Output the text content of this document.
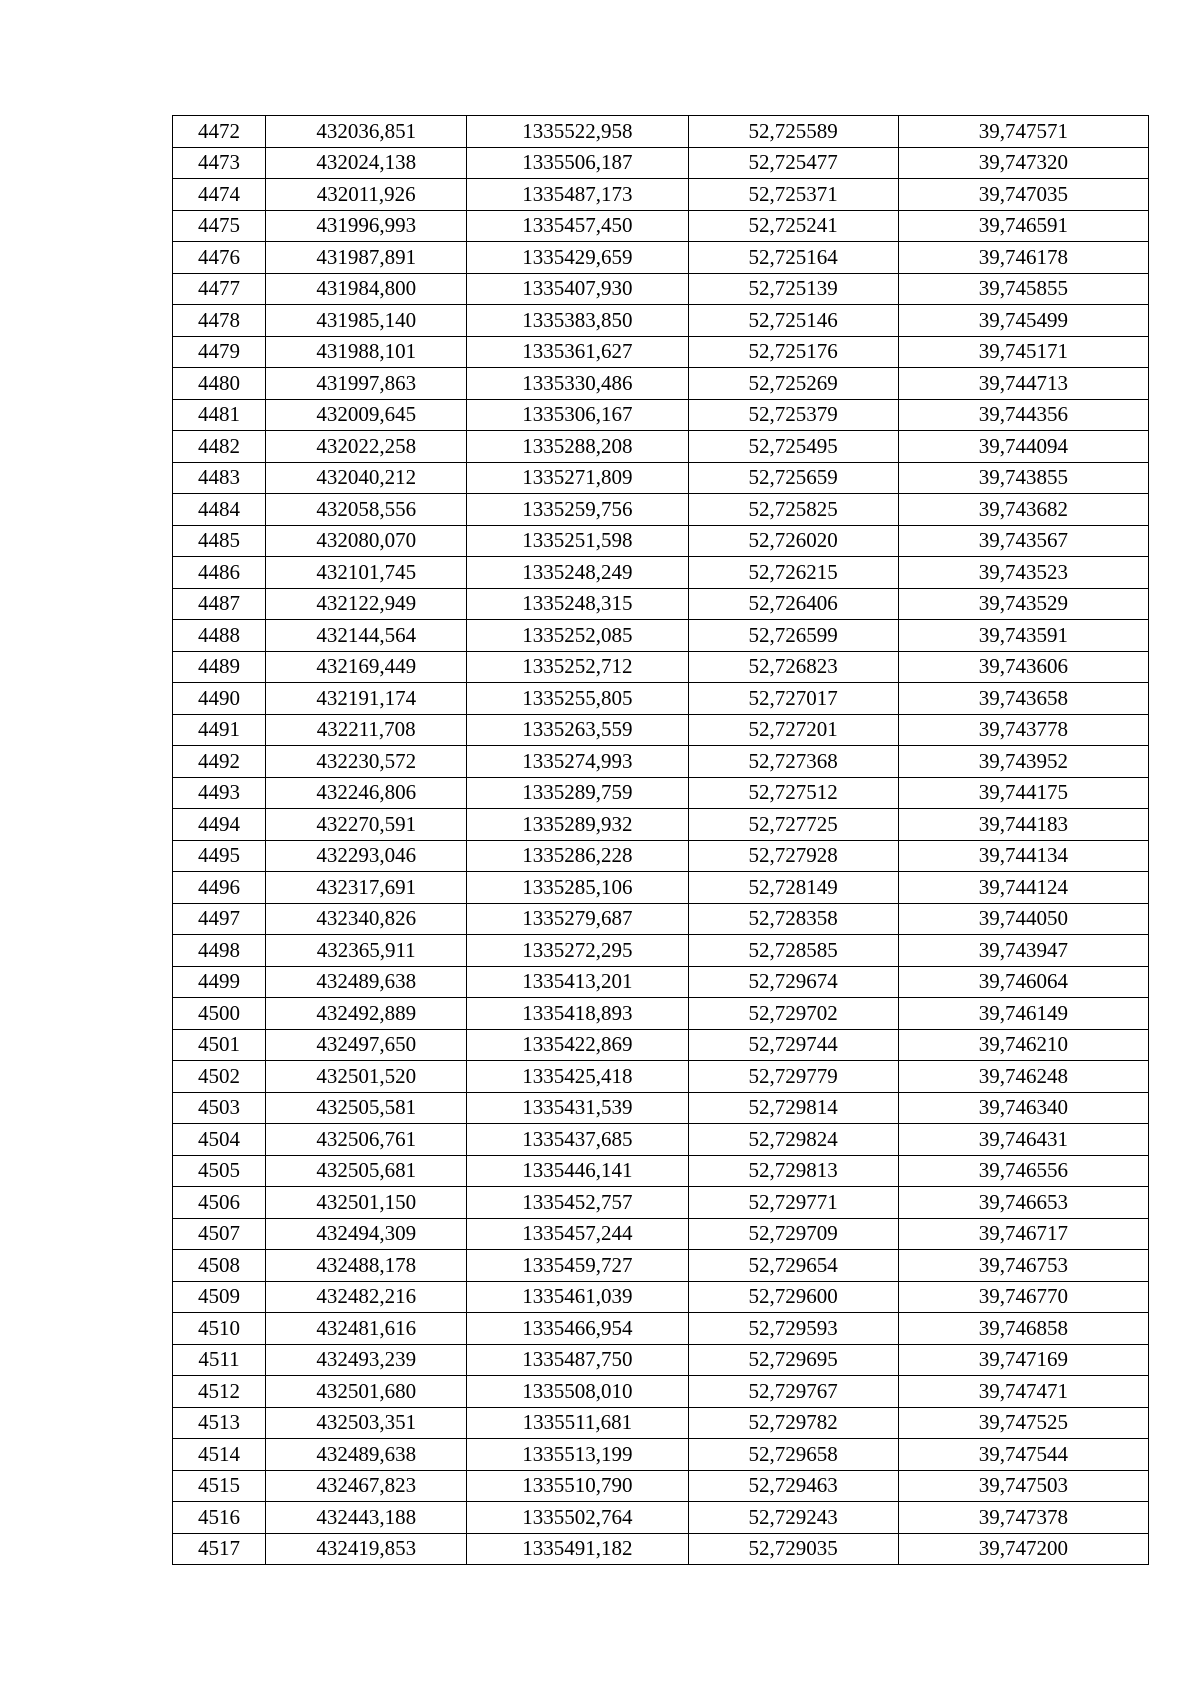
4472	432036,851	1335522,958	52,725589	39,747571
4473	432024,138	1335506,187	52,725477	39,747320
4474	432011,926	1335487,173	52,725371	39,747035
4475	431996,993	1335457,450	52,725241	39,746591
4476	431987,891	1335429,659	52,725164	39,746178
4477	431984,800	1335407,930	52,725139	39,745855
4478	431985,140	1335383,850	52,725146	39,745499
4479	431988,101	1335361,627	52,725176	39,745171
4480	431997,863	1335330,486	52,725269	39,744713
4481	432009,645	1335306,167	52,725379	39,744356
4482	432022,258	1335288,208	52,725495	39,744094
4483	432040,212	1335271,809	52,725659	39,743855
4484	432058,556	1335259,756	52,725825	39,743682
4485	432080,070	1335251,598	52,726020	39,743567
4486	432101,745	1335248,249	52,726215	39,743523
4487	432122,949	1335248,315	52,726406	39,743529
4488	432144,564	1335252,085	52,726599	39,743591
4489	432169,449	1335252,712	52,726823	39,743606
4490	432191,174	1335255,805	52,727017	39,743658
4491	432211,708	1335263,559	52,727201	39,743778
4492	432230,572	1335274,993	52,727368	39,743952
4493	432246,806	1335289,759	52,727512	39,744175
4494	432270,591	1335289,932	52,727725	39,744183
4495	432293,046	1335286,228	52,727928	39,744134
4496	432317,691	1335285,106	52,728149	39,744124
4497	432340,826	1335279,687	52,728358	39,744050
4498	432365,911	1335272,295	52,728585	39,743947
4499	432489,638	1335413,201	52,729674	39,746064
4500	432492,889	1335418,893	52,729702	39,746149
4501	432497,650	1335422,869	52,729744	39,746210
4502	432501,520	1335425,418	52,729779	39,746248
4503	432505,581	1335431,539	52,729814	39,746340
4504	432506,761	1335437,685	52,729824	39,746431
4505	432505,681	1335446,141	52,729813	39,746556
4506	432501,150	1335452,757	52,729771	39,746653
4507	432494,309	1335457,244	52,729709	39,746717
4508	432488,178	1335459,727	52,729654	39,746753
4509	432482,216	1335461,039	52,729600	39,746770
4510	432481,616	1335466,954	52,729593	39,746858
4511	432493,239	1335487,750	52,729695	39,747169
4512	432501,680	1335508,010	52,729767	39,747471
4513	432503,351	1335511,681	52,729782	39,747525
4514	432489,638	1335513,199	52,729658	39,747544
4515	432467,823	1335510,790	52,729463	39,747503
4516	432443,188	1335502,764	52,729243	39,747378
4517	432419,853	1335491,182	52,729035	39,747200
